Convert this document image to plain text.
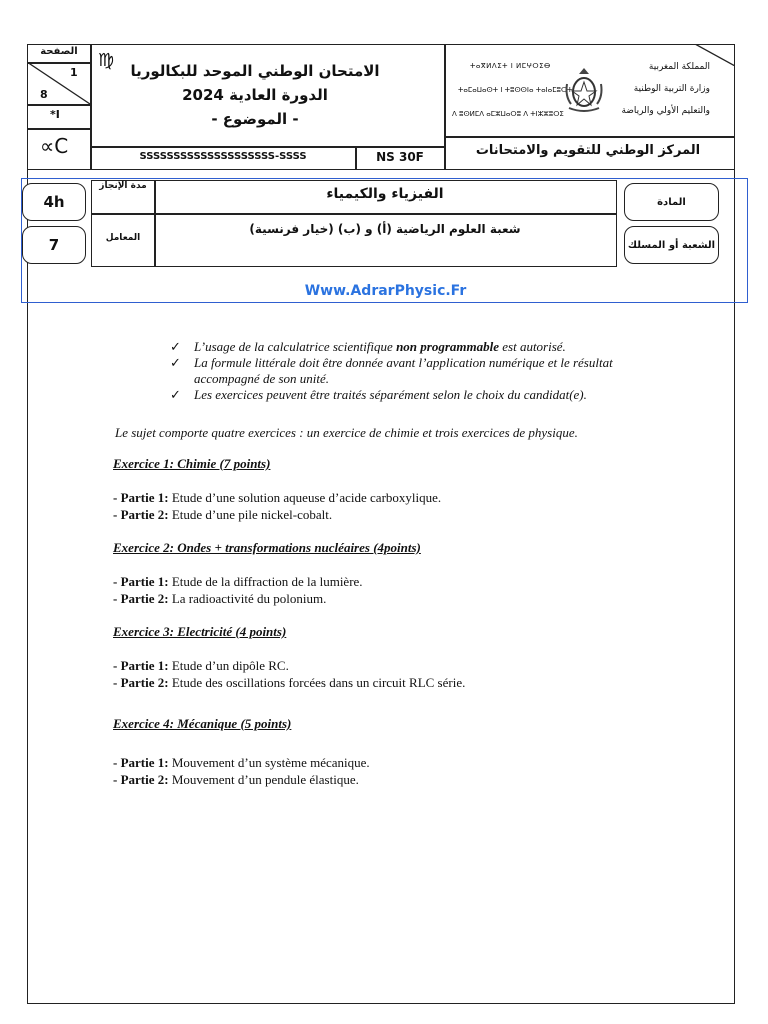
الصفحة
1
8
*I
∝C
♍	الامتحان الوطني الموحد للبكالوريا
الدورة العادية 2024
- الموضوع -
SSSSSSSSSSSSSSSSSSSS-SSSS	NS 30F
ⵜⴰⴳⵍⴷⵉⵜ ⵏ ⵍⵎⵖⵔⵉⴱ
ⵜⴰⵎⴰⵡⴰⵙⵜ ⵏ ⵜⵓⵙⵙⵏⴰ ⵜⴰⵏⴰⵎⵓⵔⵜ
ⴷ ⵓⵙⵍⵎⴷ ⴰⵎⵣⵡⴰⵔⵓ ⴷ ⵜⵏⵣⵣⵓⵔⵉ
المملكة المغربية
وزارة التربية الوطنية
والتعليم الأولي والرياضة
المركز الوطني للتقويم والامتحانات
4h
7
مدة الإنجاز
المعامل
الفيزياء والكيمياء
شعبة العلوم الرياضية (أ) و (ب) (خيار فرنسية)
المادة
الشعبة أو المسلك
Www.AdrarPhysic.Fr
✓ L’usage de la calculatrice scientifique non programmable est autorisé.
✓ La formule littérale doit être donnée avant l’application numérique et le résultat accompagné de son unité.
✓ Les exercices peuvent être traités séparément selon le choix du candidat(e).
Le sujet comporte quatre exercices : un exercice de chimie et trois exercices de physique.
Exercice 1: Chimie (7 points)
- Partie 1: Etude d’une solution aqueuse d’acide carboxylique.
- Partie 2: Etude d’une pile nickel-cobalt.
Exercice 2: Ondes + transformations nucléaires (4points)
- Partie 1: Etude de la diffraction de la lumière.
- Partie 2: La radioactivité du polonium.
Exercice 3: Electricité (4 points)
- Partie 1: Etude d’un dipôle RC.
- Partie 2: Etude des oscillations forcées dans un circuit RLC série.
Exercice 4: Mécanique (5 points)
- Partie 1: Mouvement d’un système mécanique.
- Partie 2: Mouvement d’un pendule élastique.
